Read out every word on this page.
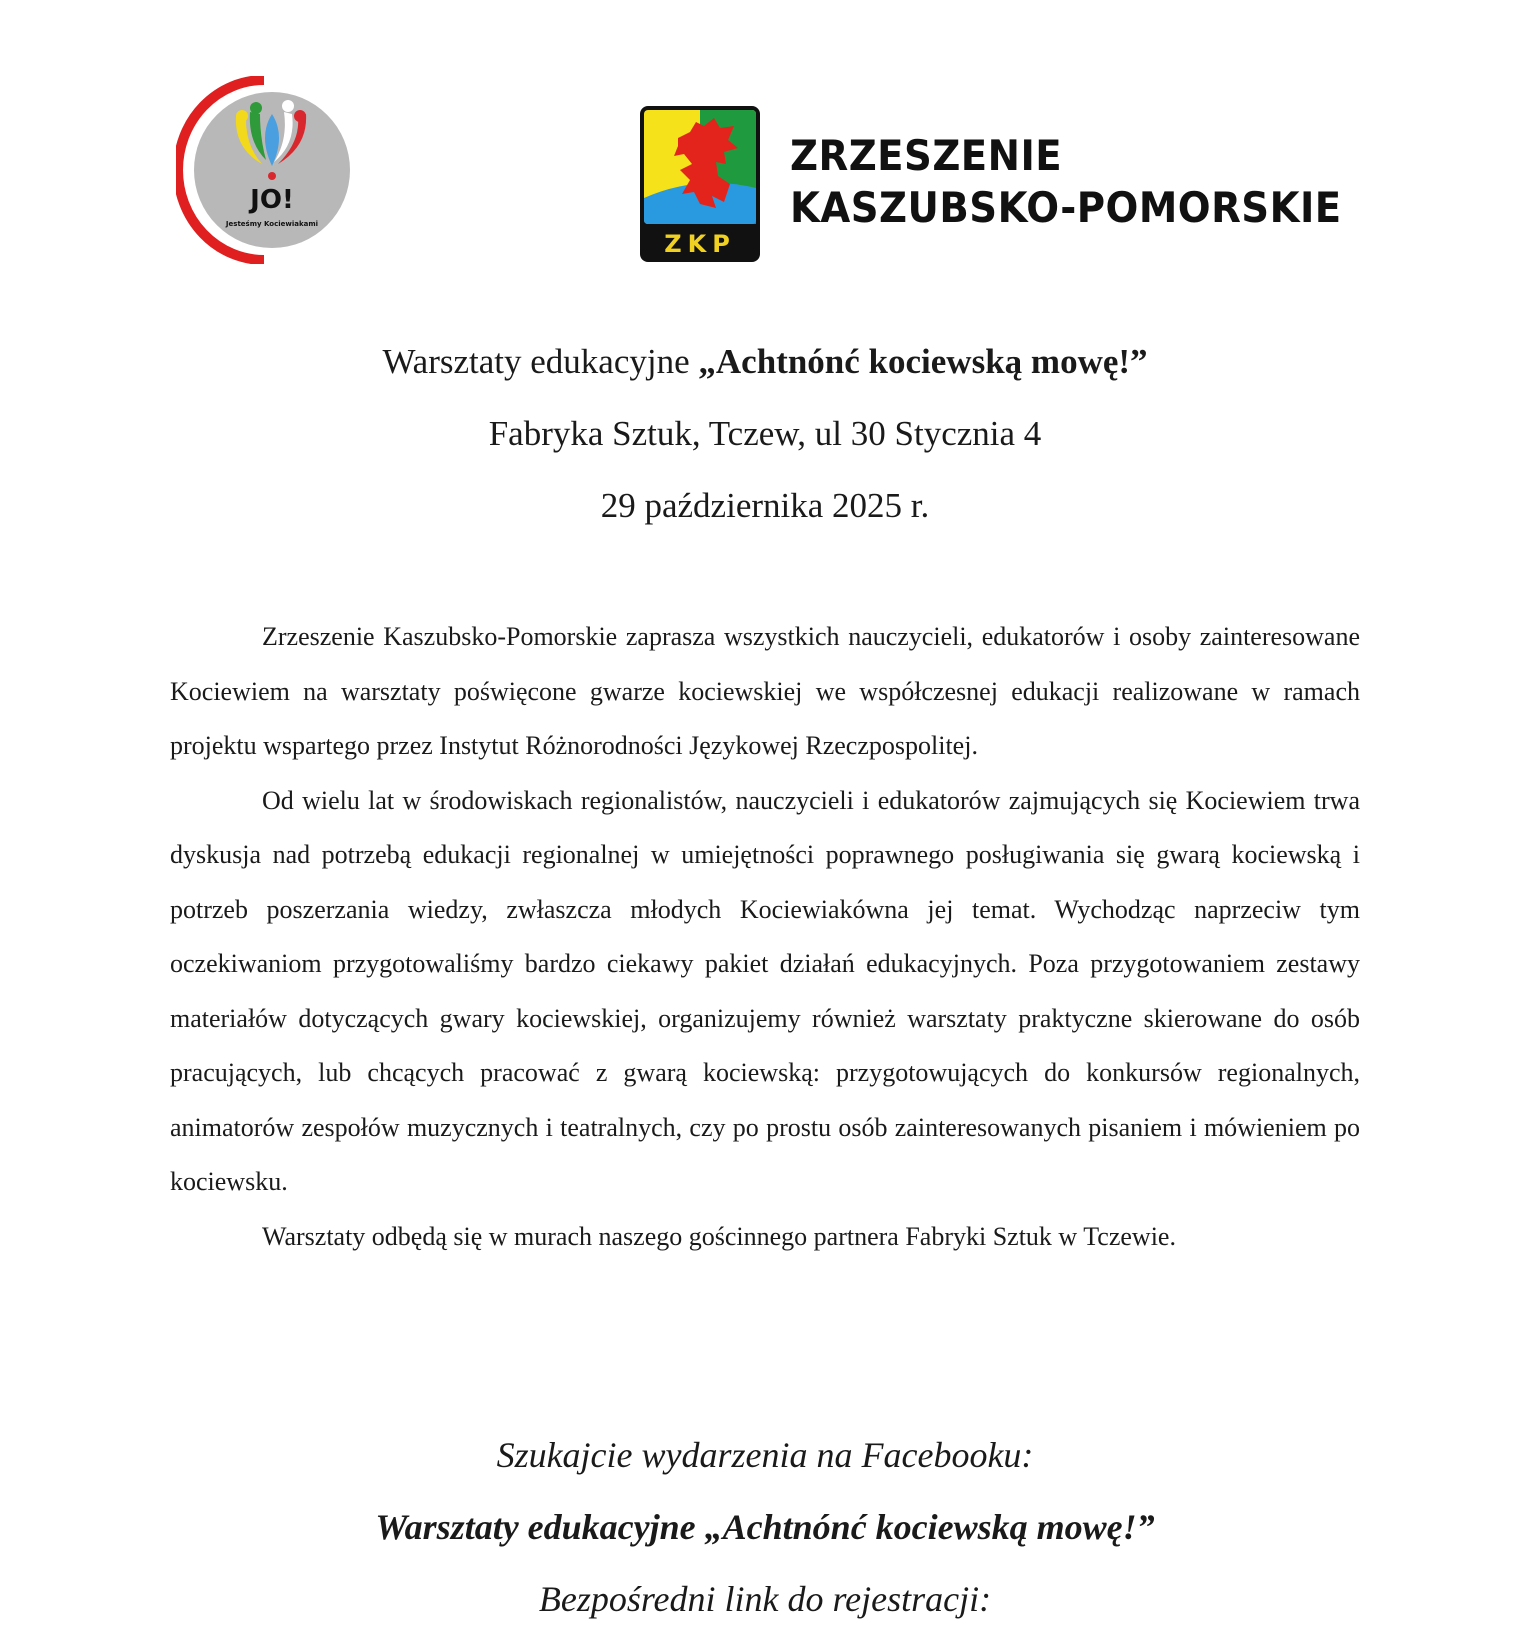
JO!
Jesteśmy Kociewiakami
ZKP
ZRZESZENIE
KASZUBSKO-POMORSKIE
Warsztaty edukacyjne „Achtnónć kociewską mowę!”
Fabryka Sztuk, Tczew, ul 30 Stycznia 4
29 października 2025 r.

Zrzeszenie Kaszubsko-Pomorskie zaprasza wszystkich nauczycieli, edukatorów i osoby zainteresowane Kociewiem na warsztaty poświęcone gwarze kociewskiej we współczesnej edukacji realizowane w ramach projektu wspartego przez Instytut Różnorodności Językowej Rzeczpospolitej.

Od wielu lat w środowiskach regionalistów, nauczycieli i edukatorów zajmujących się Kociewiem trwa dyskusja nad potrzebą edukacji regionalnej w umiejętności poprawnego posługiwania się gwarą kociewską i potrzeb poszerzania wiedzy, zwłaszcza młodych Kociewiakówna jej temat. Wychodząc naprzeciw tym oczekiwaniom przygotowaliśmy bardzo ciekawy pakiet działań edukacyjnych. Poza przygotowaniem zestawy materiałów dotyczących gwary kociewskiej, organizujemy również warsztaty praktyczne skierowane do osób pracujących, lub chcących pracować z gwarą kociewską: przygotowujących do konkursów regionalnych, animatorów zespołów muzycznych i teatralnych, czy po prostu osób zainteresowanych pisaniem i mówieniem po kociewsku.

Warsztaty odbędą się w murach naszego gościnnego partnera Fabryki Sztuk w Tczewie.

Szukajcie wydarzenia na Facebooku:
Warsztaty edukacyjne „Achtnónć kociewską mowę!”
Bezpośredni link do rejestracji:
